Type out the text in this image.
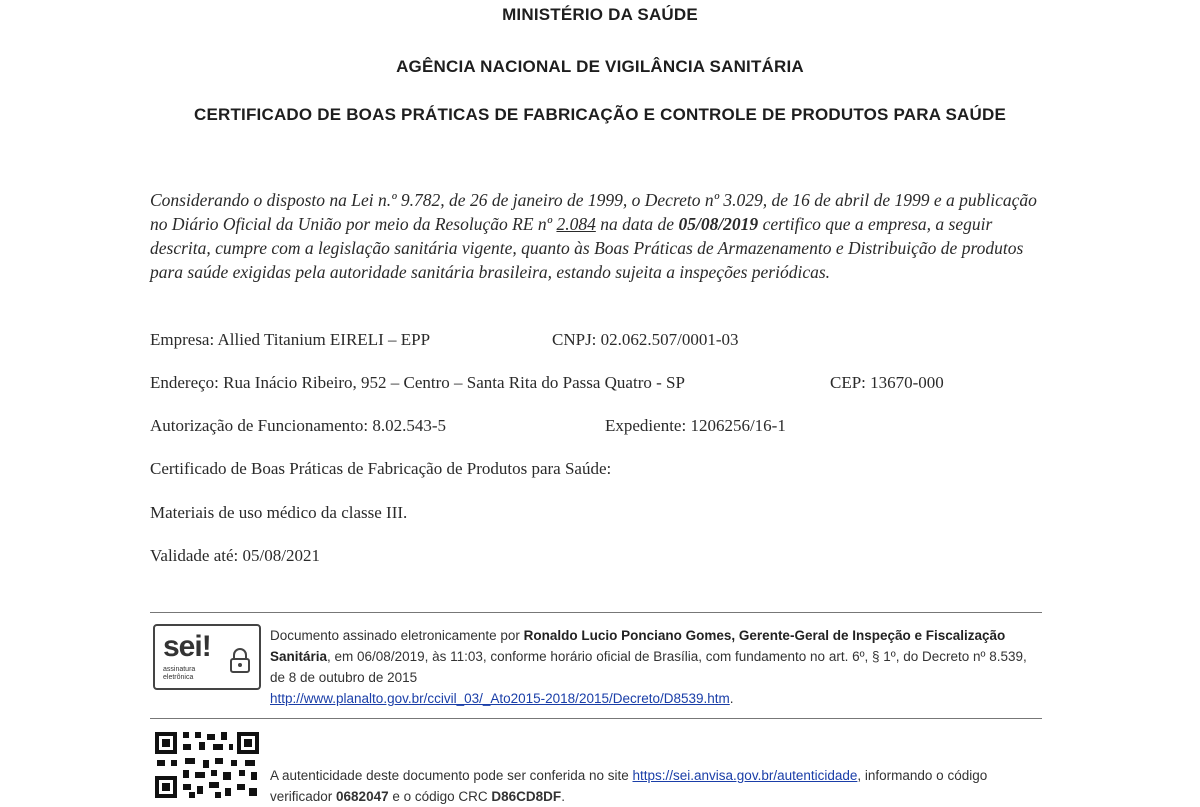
MINISTÉRIO DA SAÚDE
AGÊNCIA NACIONAL DE VIGILÂNCIA SANITÁRIA
CERTIFICADO DE BOAS PRÁTICAS DE FABRICAÇÃO E CONTROLE DE PRODUTOS PARA SAÚDE
Considerando o disposto na Lei n.º 9.782, de 26 de janeiro de 1999, o Decreto nº 3.029, de 16 de abril de 1999 e a publicação no Diário Oficial da União por meio da Resolução RE nº 2.084 na data de 05/08/2019 certifico que a empresa, a seguir descrita, cumpre com a legislação sanitária vigente, quanto às Boas Práticas de Armazenamento e Distribuição de produtos para saúde exigidas pela autoridade sanitária brasileira, estando sujeita a inspeções periódicas.
Empresa: Allied Titanium EIRELI – EPP	CNPJ: 02.062.507/0001-03
Endereço: Rua Inácio Ribeiro, 952 – Centro – Santa Rita do Passa Quatro - SP	CEP: 13670-000
Autorização de Funcionamento: 8.02.543-5	Expediente: 1206256/16-1
Certificado de Boas Práticas de Fabricação de Produtos para Saúde:
Materiais de uso médico da classe III.
Validade até: 05/08/2021
sei!
assinatura
eletrônica
Documento assinado eletronicamente por Ronaldo Lucio Ponciano Gomes, Gerente-Geral de Inspeção e Fiscalização Sanitária, em 06/08/2019, às 11:03, conforme horário oficial de Brasília, com fundamento no art. 6º, § 1º, do Decreto nº 8.539, de 8 de outubro de 2015
http://www.planalto.gov.br/ccivil_03/_Ato2015-2018/2015/Decreto/D8539.htm.
A autenticidade deste documento pode ser conferida no site https://sei.anvisa.gov.br/autenticidade, informando o código verificador 0682047 e o código CRC D86CD8DF.
